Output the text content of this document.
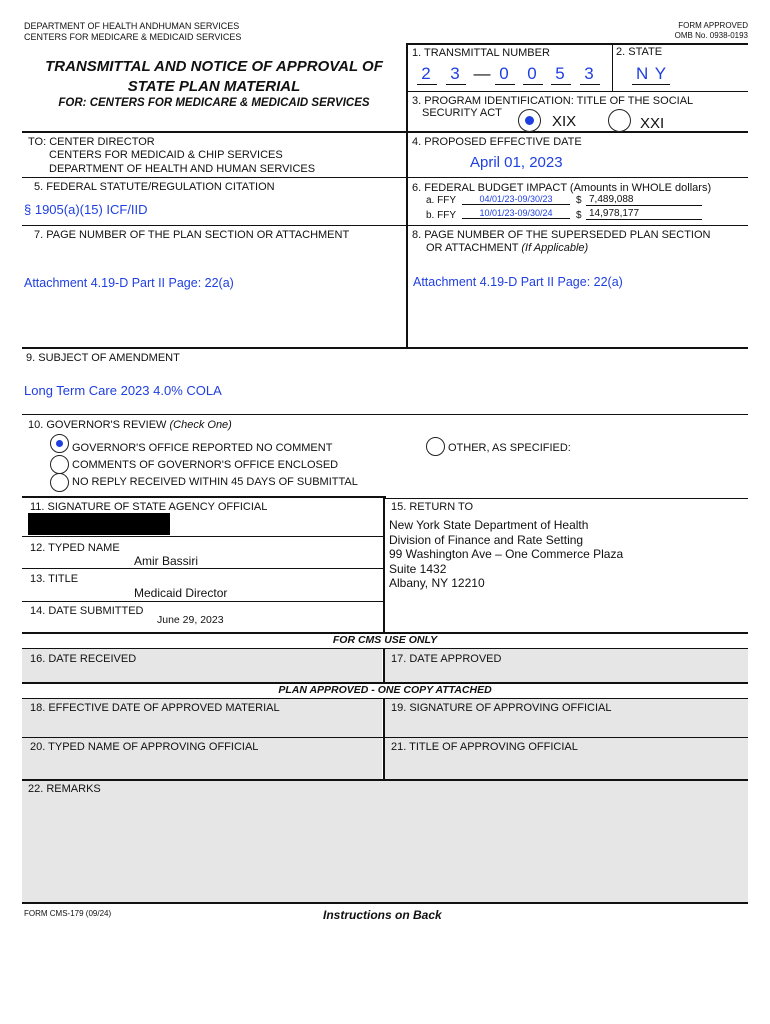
DEPARTMENT OF HEALTH ANDHUMAN SERVICES
CENTERS FOR MEDICARE & MEDICAID SERVICES
FORM APPROVED
OMB No. 0938-0193
TRANSMITTAL AND NOTICE OF APPROVAL OF
STATE PLAN MATERIAL
FOR: CENTERS FOR MEDICARE & MEDICAID SERVICES
1. TRANSMITTAL NUMBER
2 3 — 0 0 5 3
2. STATE
N Y
3. PROGRAM IDENTIFICATION: TITLE OF THE SOCIAL
SECURITY ACT	XIX	XXI
TO: CENTER DIRECTOR
CENTERS FOR MEDICAID & CHIP SERVICES
DEPARTMENT OF HEALTH AND HUMAN SERVICES
4. PROPOSED EFFECTIVE DATE
April 01, 2023
5. FEDERAL STATUTE/REGULATION CITATION
§ 1905(a)(15) ICF/IID
6. FEDERAL BUDGET IMPACT (Amounts in WHOLE dollars)
a. FFY	04/01/23-09/30/23	$ 7,489,088
b. FFY	10/01/23-09/30/24	$ 14,978,177
7. PAGE NUMBER OF THE PLAN SECTION OR ATTACHMENT
Attachment 4.19-D Part II Page: 22(a)
8. PAGE NUMBER OF THE SUPERSEDED PLAN SECTION
OR ATTACHMENT (If Applicable)
Attachment 4.19-D Part II Page: 22(a)
9. SUBJECT OF AMENDMENT
Long Term Care 2023 4.0% COLA
10. GOVERNOR'S REVIEW (Check One)
GOVERNOR'S OFFICE REPORTED NO COMMENT
COMMENTS OF GOVERNOR'S OFFICE ENCLOSED
NO REPLY RECEIVED WITHIN 45 DAYS OF SUBMITTAL
OTHER, AS SPECIFIED:
11. SIGNATURE OF STATE AGENCY OFFICIAL
12. TYPED NAME
Amir Bassiri
13. TITLE
Medicaid Director
14. DATE SUBMITTED
June 29, 2023
15. RETURN TO
New York State Department of Health
Division of Finance and Rate Setting
99 Washington Ave – One Commerce Plaza
Suite 1432
Albany, NY 12210
FOR CMS USE ONLY
16. DATE RECEIVED	17. DATE APPROVED
PLAN APPROVED - ONE COPY ATTACHED
18. EFFECTIVE DATE OF APPROVED MATERIAL	19. SIGNATURE OF APPROVING OFFICIAL
20. TYPED NAME OF APPROVING OFFICIAL	21. TITLE OF APPROVING OFFICIAL
22. REMARKS
FORM CMS-179 (09/24)	Instructions on Back
